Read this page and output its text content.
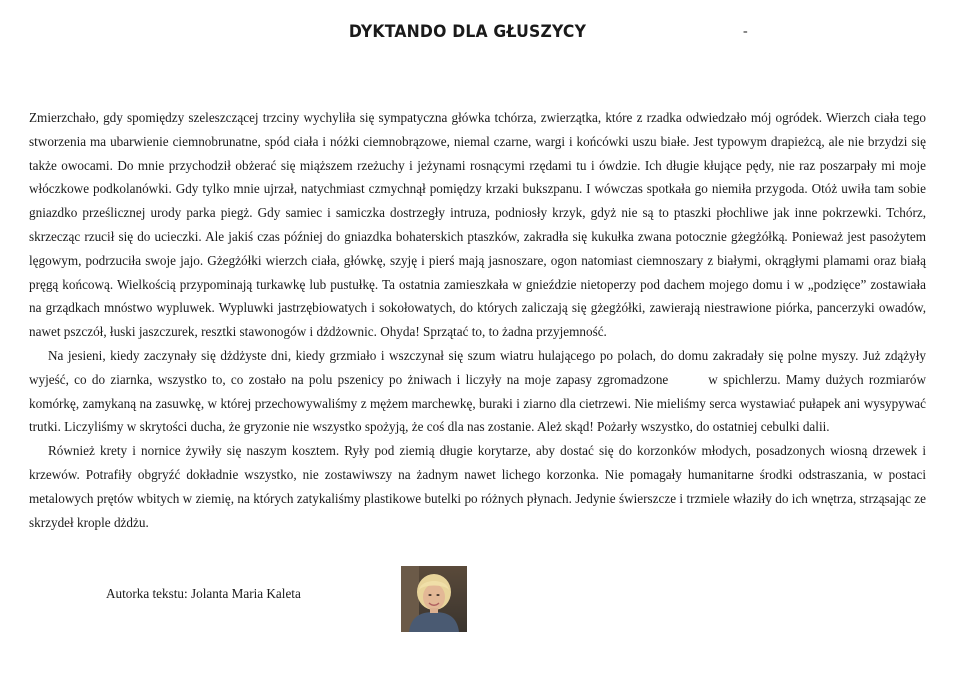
DYKTANDO DLA GŁUSZYCY	-

Zmierzchało, gdy spomiędzy szeleszczącej trzciny wychyliła się sympatyczna główka tchórza, zwierzątka, które z rzadka odwiedzało mój ogródek. Wierzch ciała tego stworzenia ma ubarwienie ciemnobrunatne, spód ciała i nóżki ciemnobrązowe, niemal czarne, wargi i końcówki uszu białe. Jest typowym drapieżcą, ale nie brzydzi się także owocami. Do mnie przychodził obżerać się miąższem rzeżuchy i jeżynami rosnącymi rzędami tu i ówdzie. Ich długie kłujące pędy, nie raz poszarpały mi moje włóczkowe podkolanówki. Gdy tylko mnie ujrzał, natychmiast czmychnął pomiędzy krzaki bukszpanu. I wówczas spotkała go niemiła przygoda. Otóż uwiła tam sobie gniazdko prześlicznej urody parka piegż. Gdy samiec i samiczka dostrzegły intruza, podniosły krzyk, gdyż nie są to ptaszki płochliwe jak inne pokrzewki. Tchórz, skrzecząc rzucił się do ucieczki. Ale jakiś czas później do gniazdka bohaterskich ptaszków, zakradła się kukułka zwana potocznie gżegżółką. Ponieważ jest pasożytem lęgowym, podrzuciła swoje jajo. Gżegżółki wierzch ciała, główkę, szyję i pierś mają jasnoszare, ogon natomiast ciemnoszary z białymi, okrągłymi plamami oraz białą pręgą końcową. Wielkością przypominają turkawkę lub pustułkę. Ta ostatnia zamieszkała w gnieździe nietoperzy pod dachem mojego domu i w „podzięce” zostawiała na grządkach mnóstwo wypluwek. Wypluwki jastrzębiowatych i sokołowatych, do których zaliczają się gżegżółki, zawierają niestrawione piórka, pancerzyki owadów, nawet pszczół, łuski jaszczurek, resztki stawonogów i dżdżownic. Ohyda! Sprzątać to, to żadna przyjemność.

Na jesieni, kiedy zaczynały się dżdżyste dni, kiedy grzmiało i wszczynał się szum wiatru hulającego po polach, do domu zakradały się polne myszy. Już zdążyły wyjeść, co do ziarnka, wszystko to, co zostało na polu pszenicy po żniwach i liczyły na moje zapasy zgromadzone	w spichlerzu. Mamy dużych rozmiarów komórkę, zamykaną na zasuwkę, w której przechowywaliśmy z mężem marchewkę, buraki i ziarno dla cietrzewi. Nie mieliśmy serca wystawiać pułapek ani wysypywać trutki. Liczyliśmy w skrytości ducha, że gryzonie nie wszystko spożyją, że coś dla nas zostanie. Ależ skąd! Pożarły wszystko, do ostatniej cebulki dalii.

Również krety i nornice żywiły się naszym kosztem. Ryły pod ziemią długie korytarze, aby dostać się do korzonków młodych, posadzonych wiosną drzewek i krzewów. Potrafiły obgryźć dokładnie wszystko, nie zostawiwszy na żadnym nawet lichego korzonka. Nie pomagały humanitarne środki odstraszania, w postaci metalowych prętów wbitych w ziemię, na których zatykaliśmy plastikowe butelki po różnych płynach. Jedynie świerszcze i trzmiele właziły do ich wnętrza, strząsając ze skrzydeł krople dżdżu.

Autorka tekstu: Jolanta Maria Kaleta
